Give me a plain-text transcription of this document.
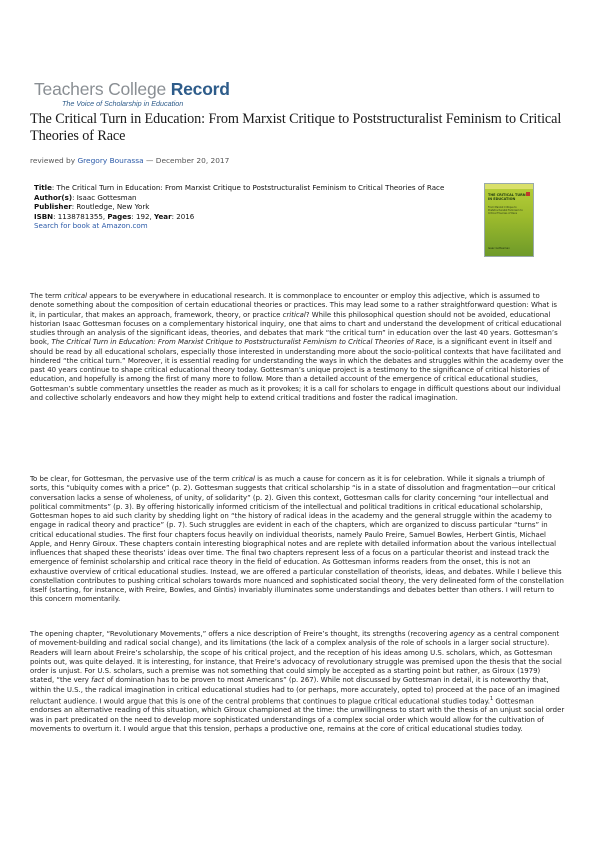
Teachers College Record
The Voice of Scholarship in Education
The Critical Turn in Education: From Marxist Critique to Poststructuralist Feminism to Critical Theories of Race
reviewed by Gregory Bourassa — December 20, 2017
Title: The Critical Turn in Education: From Marxist Critique to Poststructuralist Feminism to Critical Theories of Race
Author(s): Isaac Gottesman
Publisher: Routledge, New York
ISBN: 1138781355, Pages: 192, Year: 2016
Search for book at Amazon.com
THE CRITICAL TURN IN EDUCATION
From Marxist Critique to Poststructuralist Feminism to Critical Theories of Race
Isaac Gottesman
The term critical appears to be everywhere in educational research. It is commonplace to encounter or employ this adjective, which is assumed to denote something about the composition of certain educational theories or practices. This may lead some to a rather straightforward question: What is it, in particular, that makes an approach, framework, theory, or practice critical? While this philosophical question should not be avoided, educational historian Isaac Gottesman focuses on a complementary historical inquiry, one that aims to chart and understand the development of critical educational studies through an analysis of the significant ideas, theories, and debates that mark “the critical turn” in education over the last 40 years. Gottesman’s book, The Critical Turn in Education: From Marxist Critique to Poststructuralist Feminism to Critical Theories of Race, is a significant event in itself and should be read by all educational scholars, especially those interested in understanding more about the socio-political contexts that have facilitated and hindered “the critical turn.” Moreover, it is essential reading for understanding the ways in which the debates and struggles within the academy over the past 40 years continue to shape critical educational theory today. Gottesman’s unique project is a testimony to the significance of critical histories of education, and hopefully is among the first of many more to follow. More than a detailed account of the emergence of critical educational studies, Gottesman’s subtle commentary unsettles the reader as much as it provokes; it is a call for scholars to engage in difficult questions about our individual and collective scholarly endeavors and how they might help to extend critical traditions and foster the radical imagination.
To be clear, for Gottesman, the pervasive use of the term critical is as much a cause for concern as it is for celebration. While it signals a triumph of sorts, this “ubiquity comes with a price” (p. 2). Gottesman suggests that critical scholarship “is in a state of dissolution and fragmentation—our critical conversation lacks a sense of wholeness, of unity, of solidarity” (p. 2). Given this context, Gottesman calls for clarity concerning “our intellectual and political commitments” (p. 3). By offering historically informed criticism of the intellectual and political traditions in critical educational scholarship, Gottesman hopes to aid such clarity by shedding light on “the history of radical ideas in the academy and the general struggle within the academy to engage in radical theory and practice” (p. 7). Such struggles are evident in each of the chapters, which are organized to discuss particular “turns” in critical educational studies. The first four chapters focus heavily on individual theorists, namely Paulo Freire, Samuel Bowles, Herbert Gintis, Michael Apple, and Henry Giroux. These chapters contain interesting biographical notes and are replete with detailed information about the various intellectual influences that shaped these theorists’ ideas over time. The final two chapters represent less of a focus on a particular theorist and instead track the emergence of feminist scholarship and critical race theory in the field of education. As Gottesman informs readers from the onset, this is not an exhaustive overview of critical educational studies. Instead, we are offered a particular constellation of theorists, ideas, and debates. While I believe this constellation contributes to pushing critical scholars towards more nuanced and sophisticated social theory, the very delineated form of the constellation itself (starting, for instance, with Freire, Bowles, and Gintis) invariably illuminates some understandings and debates better than others. I will return to this concern momentarily.
The opening chapter, “Revolutionary Movements,” offers a nice description of Freire’s thought, its strengths (recovering agency as a central component of movement-building and radical social change), and its limitations (the lack of a complex analysis of the role of schools in a larger social structure). Readers will learn about Freire’s scholarship, the scope of his critical project, and the reception of his ideas among U.S. scholars, which, as Gottesman points out, was quite delayed. It is interesting, for instance, that Freire’s advocacy of revolutionary struggle was premised upon the thesis that the social order is unjust. For U.S. scholars, such a premise was not something that could simply be accepted as a starting point but rather, as Giroux (1979) stated, “the very fact of domination has to be proven to most Americans” (p. 267). While not discussed by Gottesman in detail, it is noteworthy that, within the U.S., the radical imagination in critical educational studies had to (or perhaps, more accurately, opted to) proceed at the pace of an imagined reluctant audience. I would argue that this is one of the central problems that continues to plague critical educational studies today.$^1$ Gottesman endorses an alternative reading of this situation, which Giroux championed at the time: the unwillingness to start with the thesis of an unjust social order was in part predicated on the need to develop more sophisticated understandings of a complex social order which would allow for the cultivation of movements to overturn it. I would argue that this tension, perhaps a productive one, remains at the core of critical educational studies today.
